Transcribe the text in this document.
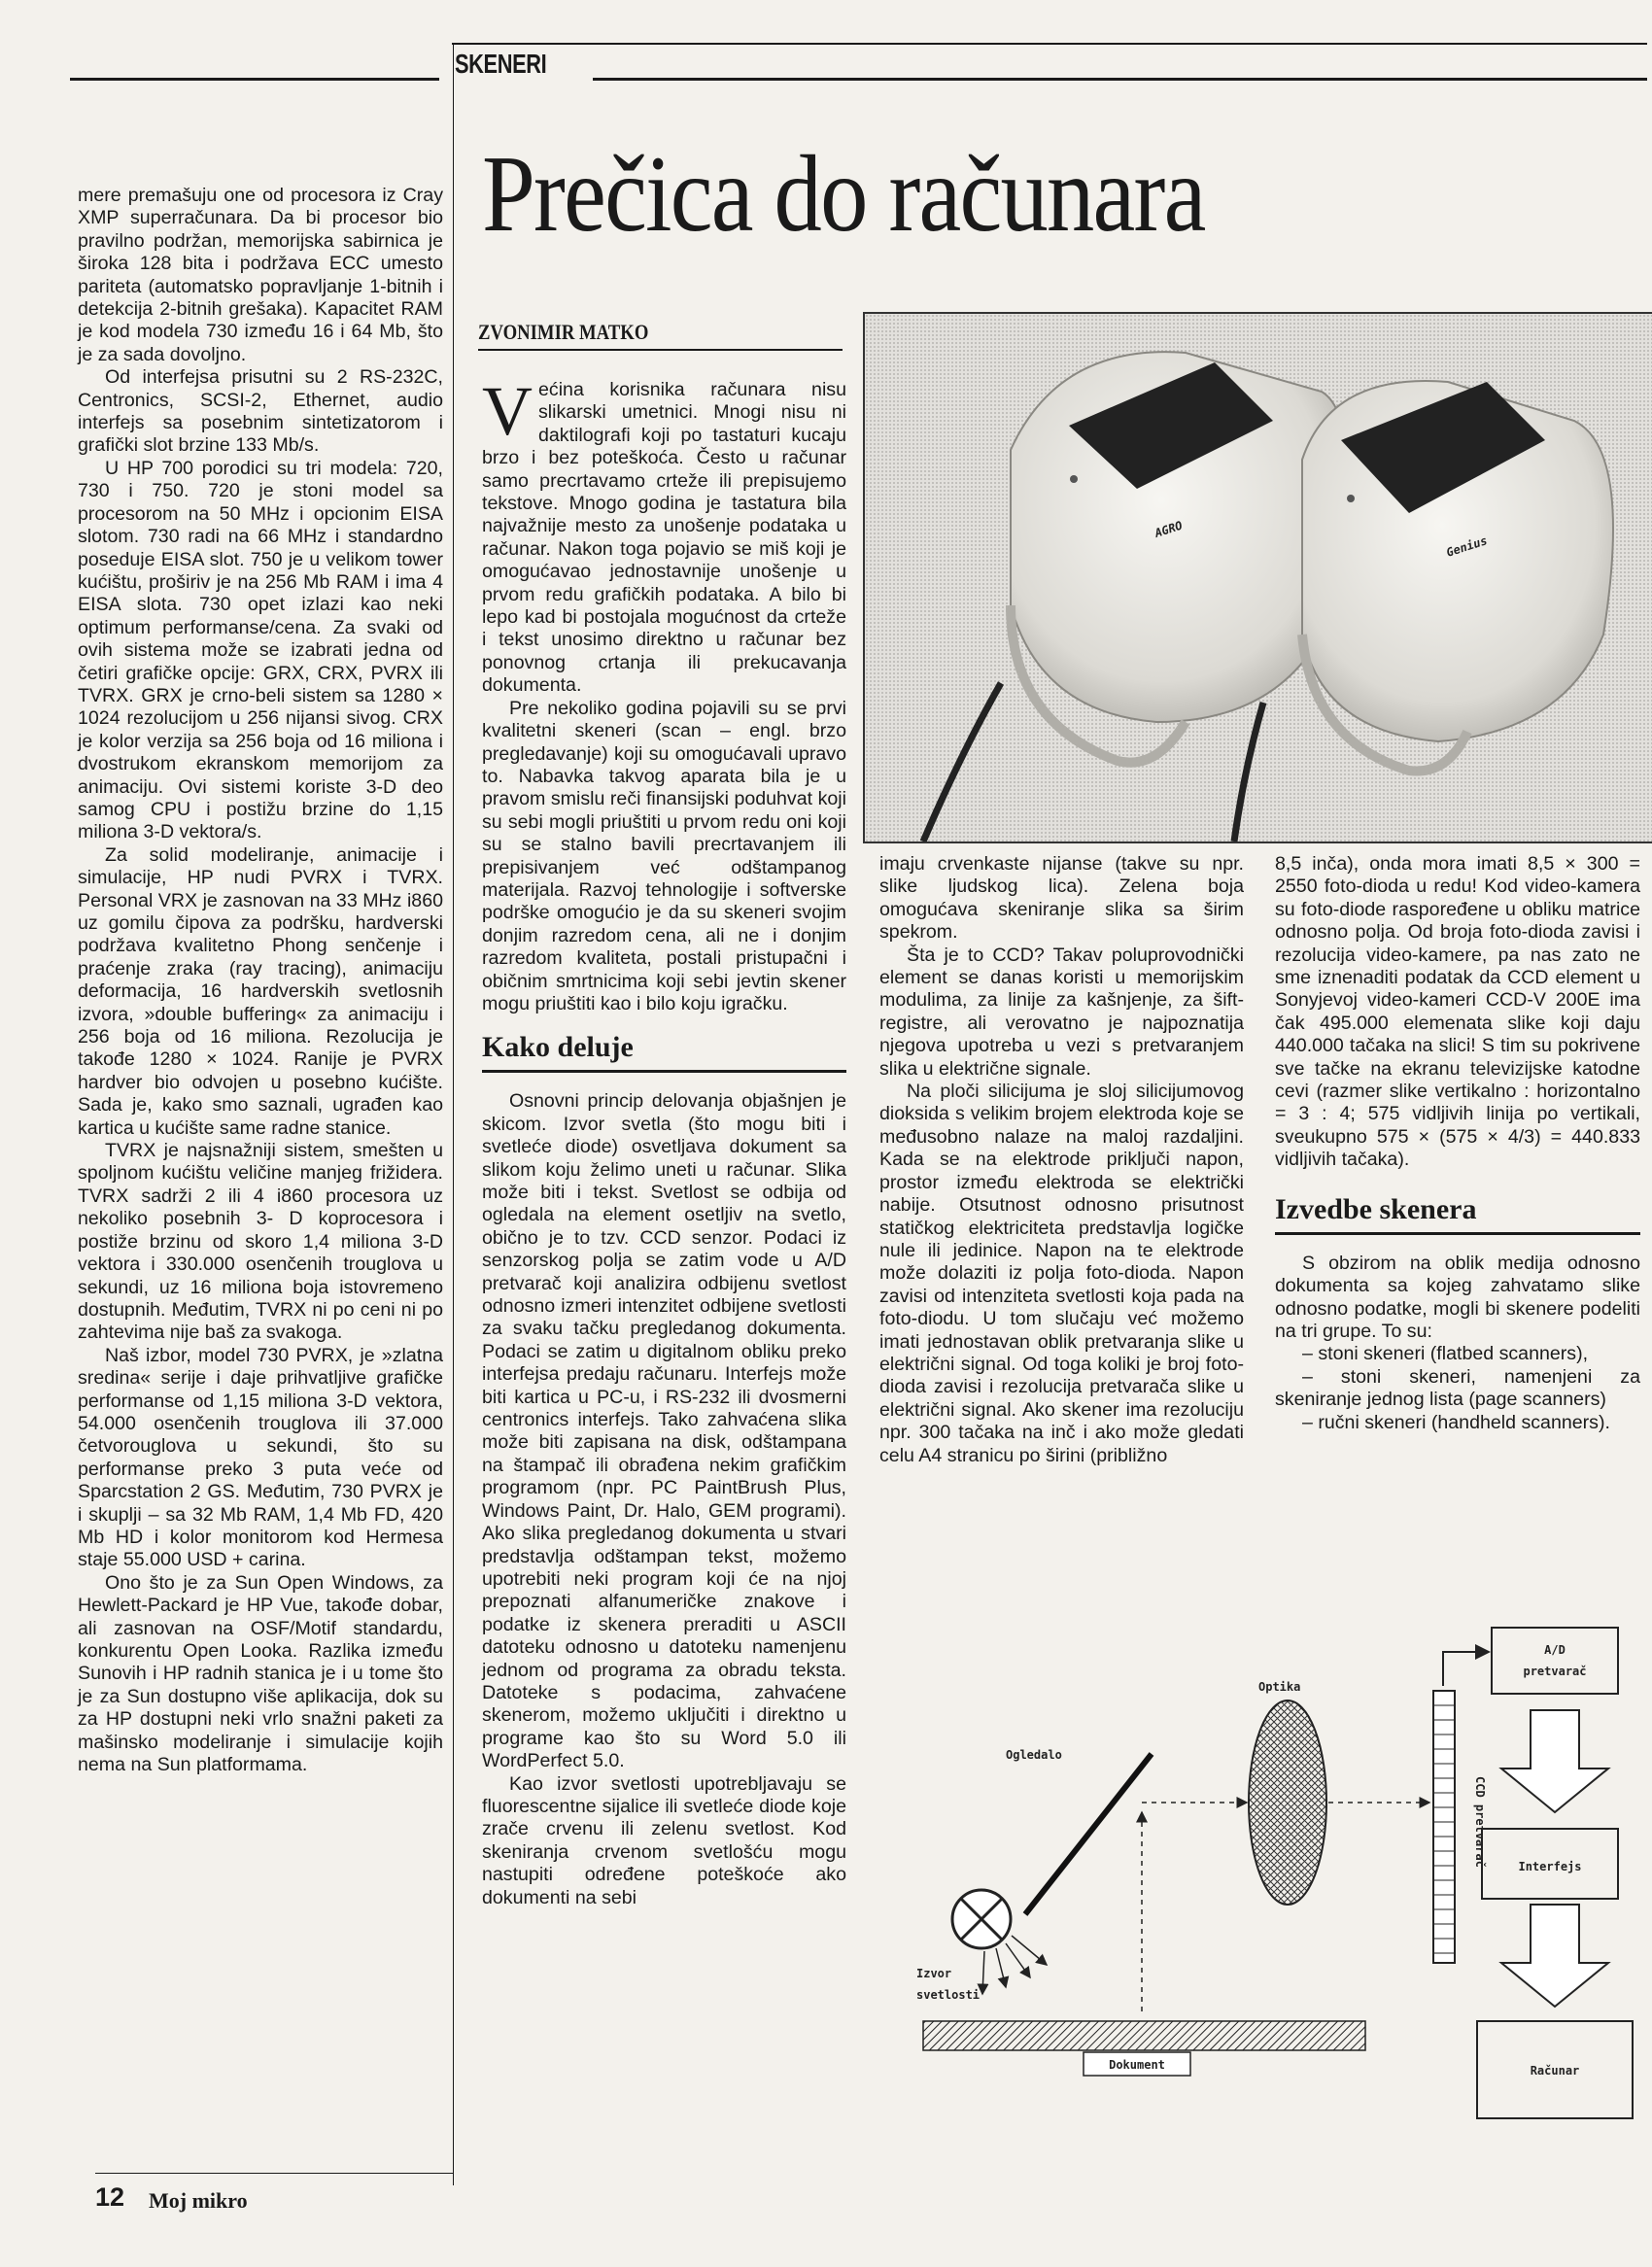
SKENERI
Prečica do računara
ZVONIMIR MATKO

mere premašuju one od procesora iz Cray XMP superračunara. Da bi procesor bio pravilno podržan, memorijska sabirnica je široka 128 bita i podržava ECC umesto pariteta (automatsko popravljanje 1-bitnih i detekcija 2-bitnih grešaka). Kapacitet RAM je kod modela 730 između 16 i 64 Mb, što je za sada dovoljno.

Od interfejsa prisutni su 2 RS-232C, Centronics, SCSI-2, Ethernet, audio interfejs sa posebnim sintetizatorom i grafički slot brzine 133 Mb/s.

U HP 700 porodici su tri modela: 720, 730 i 750. 720 je stoni model sa procesorom na 50 MHz i opcionim EISA slotom. 730 radi na 66 MHz i standardno poseduje EISA slot. 750 je u velikom tower kućištu, proširiv je na 256 Mb RAM i ima 4 EISA slota. 730 opet izlazi kao neki optimum performanse/cena. Za svaki od ovih sistema može se izabrati jedna od četiri grafičke opcije: GRX, CRX, PVRX ili TVRX. GRX je crno-beli sistem sa 1280 × 1024 rezolucijom u 256 nijansi sivog. CRX je kolor verzija sa 256 boja od 16 miliona i dvostrukom ekranskom memorijom za animaciju. Ovi sistemi koriste 3-D deo samog CPU i postižu brzine do 1,15 miliona 3-D vektora/s.

Za solid modeliranje, animacije i simulacije, HP nudi PVRX i TVRX. Personal VRX je zasnovan na 33 MHz i860 uz gomilu čipova za podršku, hardverski podržava kvalitetno Phong senčenje i praćenje zraka (ray tracing), animaciju deformacija, 16 hardverskih svetlosnih izvora, »double buffering« za animaciju i 256 boja od 16 miliona. Rezolucija je takođe 1280 × 1024. Ranije je PVRX hardver bio odvojen u posebno kućište. Sada je, kako smo saznali, ugrađen kao kartica u kućište same radne stanice.

TVRX je najsnažniji sistem, smešten u spoljnom kućištu veličine manjeg frižidera. TVRX sadrži 2 ili 4 i860 procesora uz nekoliko posebnih 3- D koprocesora i postiže brzinu od skoro 1,4 miliona 3-D vektora i 330.000 osenčenih trouglova u sekundi, uz 16 miliona boja istovremeno dostupnih. Međutim, TVRX ni po ceni ni po zahtevima nije baš za svakoga.

Naš izbor, model 730 PVRX, je »zlatna sredina« serije i daje prihvatljive grafičke performanse od 1,15 miliona 3-D vektora, 54.000 osenčenih trouglova ili 37.000 četvorouglova u sekundi, što su performanse preko 3 puta veće od Sparcstation 2 GS. Međutim, 730 PVRX je i skuplji – sa 32 Mb RAM, 1,4 Mb FD, 420 Mb HD i kolor monitorom kod Hermesa staje 55.000 USD + carina.

Ono što je za Sun Open Windows, za Hewlett-Packard je HP Vue, takođe dobar, ali zasnovan na OSF/Motif standardu, konkurentu Open Looka. Razlika između Sunovih i HP radnih stanica je i u tome što je za Sun dostupno više aplikacija, dok su za HP dostupni neki vrlo snažni paketi za mašinsko modeliranje i simulacije kojih nema na Sun platformama.

Većina korisnika računara nisu slikarski umetnici. Mnogi nisu ni daktilografi koji po tastaturi kucaju brzo i bez poteškoća. Često u računar samo precrtavamo crteže ili prepisujemo tekstove. Mnogo godina je tastatura bila najvažnije mesto za unošenje podataka u računar. Nakon toga pojavio se miš koji je omogućavao jednostavnije unošenje u prvom redu grafičkih podataka. A bilo bi lepo kad bi postojala mogućnost da crteže i tekst unosimo direktno u računar bez ponovnog crtanja ili prekucavanja dokumenta.

Pre nekoliko godina pojavili su se prvi kvalitetni skeneri (scan – engl. brzo pregledavanje) koji su omogućavali upravo to. Nabavka takvog aparata bila je u pravom smislu reči finansijski poduhvat koji su sebi mogli priuštiti u prvom redu oni koji su se stalno bavili precrtavanjem ili prepisivanjem već odštampanog materijala. Razvoj tehnologije i softverske podrške omogućio je da su skeneri svojim donjim razredom cena, ali ne i donjim razredom kvaliteta, postali pristupačni i običnim smrtnicima koji sebi jevtin skener mogu priuštiti kao i bilo koju igračku.

Kako deluje

Osnovni princip delovanja objašnjen je skicom. Izvor svetla (što mogu biti i svetleće diode) osvetljava dokument sa slikom koju želimo uneti u računar. Slika može biti i tekst. Svetlost se odbija od ogledala na element osetljiv na svetlo, obično je to tzv. CCD senzor. Podaci iz senzorskog polja se zatim vode u A/D pretvarač koji analizira odbijenu svetlost odnosno izmeri intenzitet odbijene svetlosti za svaku tačku pregledanog dokumenta. Podaci se zatim u digitalnom obliku preko interfejsa predaju računaru. Interfejs može biti kartica u PC-u, i RS-232 ili dvosmerni centronics interfejs. Tako zahvaćena slika može biti zapisana na disk, odštampana na štampač ili obrađena nekim grafičkim programom (npr. PC PaintBrush Plus, Windows Paint, Dr. Halo, GEM programi). Ako slika pregledanog dokumenta u stvari predstavlja odštampan tekst, možemo upotrebiti neki program koji će na njoj prepoznati alfanumeričke znakove i podatke iz skenera preraditi u ASCII datoteku odnosno u datoteku namenjenu jednom od programa za obradu teksta. Datoteke s podacima, zahvaćene skenerom, možemo uključiti i direktno u programe kao što su Word 5.0 ili WordPerfect 5.0.

Kao izvor svetlosti upotrebljavaju se fluorescentne sijalice ili svetleće diode koje zrače crvenu ili zelenu svetlost. Kod skeniranja crvenom svetlošću mogu nastupiti određene poteškoće ako dokumenti na sebi

AGRO
Genius

imaju crvenkaste nijanse (takve su npr. slike ljudskog lica). Zelena boja omogućava skeniranje slika sa širim spekrom.

Šta je to CCD? Takav poluprovodnički element se danas koristi u memorijskim modulima, za linije za kašnjenje, za šift-registre, ali verovatno je najpoznatija njegova upotreba u vezi s pretvaranjem slika u električne signale.

Na ploči silicijuma je sloj silicijumovog dioksida s velikim brojem elektroda koje se međusobno nalaze na maloj razdaljini. Kada se na elektrode priključi napon, prostor između elektroda se električki nabije. Otsutnost odnosno prisutnost statičkog elektriciteta predstavlja logičke nule ili jedinice. Napon na te elektrode može dolaziti iz polja foto-dioda. Napon zavisi od intenziteta svetlosti koja pada na foto-diodu. U tom slučaju već možemo imati jednostavan oblik pretvaranja slike u električni signal. Od toga koliki je broj foto-dioda zavisi i rezolucija pretvarača slike u električni signal. Ako skener ima rezoluciju npr. 300 tačaka na inč i ako može gledati celu A4 stranicu po širini (približno

8,5 inča), onda mora imati 8,5 × 300 = 2550 foto-dioda u redu! Kod video-kamera su foto-diode raspoređene u obliku matrice odnosno polja. Od broja foto-dioda zavisi i rezolucija video-kamere, pa nas zato ne sme iznenaditi podatak da CCD element u Sonyjevoj video-kameri CCD-V 200E ima čak 495.000 elemenata slike koji daju 440.000 tačaka na slici! S tim su pokrivene sve tačke na ekranu televizijske katodne cevi (razmer slike vertikalno : horizontalno = 3 : 4; 575 vidljivih linija po vertikali, sveukupno 575 × (575 × 4/3) = 440.833 vidljivih tačaka).

Izvedbe skenera

S obzirom na oblik medija odnosno dokumenta sa kojeg zahvatamo slike odnosno podatke, mogli bi skenere podeliti na tri grupe. To su:

– stoni skeneri (flatbed scanners),

– stoni skeneri, namenjeni za skeniranje jednog lista (page scanners)

– ručni skeneri (handheld scanners).

A/D
pretvarač
CCD pretvarač	Interfejs
Računar
Optika
Ogledalo
Izvor
svetlosti
Dokument
12 Moj mikro
